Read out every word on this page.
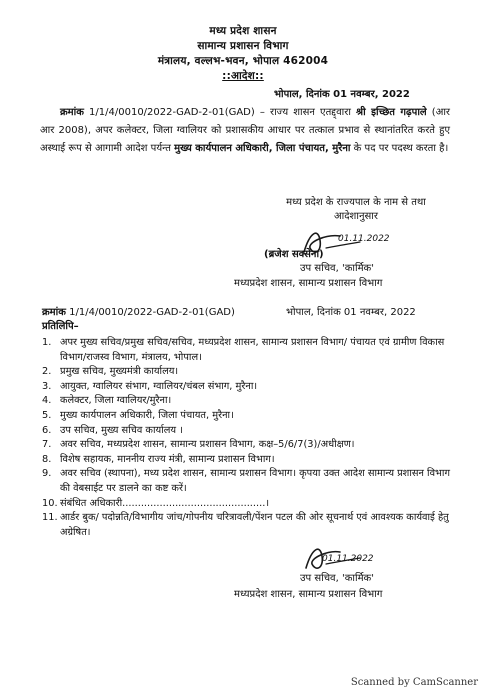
मध्य प्रदेश शासन
सामान्य प्रशासन विभाग
मंत्रालय, वल्लभ-भवन, भोपाल 462004
::आदेश::
भोपाल, दिनांक 01 नवम्बर, 2022
क्रमांक 1/1/4/0010/2022-GAD-2-01(GAD) – राज्य शासन एतद्द्वारा श्री इच्छित गढ़पाले (आर आर 2008), अपर कलेक्टर, जिला ग्वालियर को प्रशासकीय आधार पर तत्काल प्रभाव से स्थानांतरित करते हुए अस्थाई रूप से आगामी आदेश पर्यन्त मुख्य कार्यपालन अधिकारी, जिला पंचायत, मुरैना के पद पर पदस्थ करता है।
मध्य प्रदेश के राज्यपाल के नाम से तथा
आदेशानुसार
01.11.2022
(ब्रजेश सक्सेना)
उप सचिव, 'कार्मिक'
मध्यप्रदेश शासन, सामान्य प्रशासन विभाग
क्रमांक 1/1/4/0010/2022-GAD-2-01(GAD)	भोपाल, दिनांक 01 नवम्बर, 2022
प्रतिलिपि–
1. अपर मुख्य सचिव/प्रमुख सचिव/सचिव, मध्यप्रदेश शासन, सामान्य प्रशासन विभाग/ पंचायत एवं ग्रामीण विकास विभाग/राजस्व विभाग, मंत्रालय, भोपाल।
2. प्रमुख सचिव, मुख्यमंत्री कार्यालय।
3. आयुक्त, ग्वालियर संभाग, ग्वालियर/चंबल संभाग, मुरैना।
4. कलेक्टर, जिला ग्वालियर/मुरैना।
5. मुख्य कार्यपालन अधिकारी, जिला पंचायत, मुरैना।
6. उप सचिव, मुख्य सचिव कार्यालय ।
7. अवर सचिव, मध्यप्रदेश शासन, सामान्य प्रशासन विभाग, कक्ष–5/6/7(3)/अधीक्षण।
8. विशेष सहायक, माननीय राज्य मंत्री, सामान्य प्रशासन विभाग।
9. अवर सचिव (स्थापना), मध्य प्रदेश शासन, सामान्य प्रशासन विभाग। कृपया उक्त आदेश सामान्य प्रशासन विभाग की वेबसाईट पर डालने का कष्ट करें।
10. संबंधित अधिकारी..............................................।
11. आर्डर बुक/ पदोन्नति/विभागीय जांच/गोपनीय चरित्रावली/पेंशन पटल की ओर सूचनार्थ एवं आवश्यक कार्यवाई हेतु अग्रेषित।
01.11.2022
उप सचिव, 'कार्मिक'
मध्यप्रदेश शासन, सामान्य प्रशासन विभाग
Scanned by CamScanner
